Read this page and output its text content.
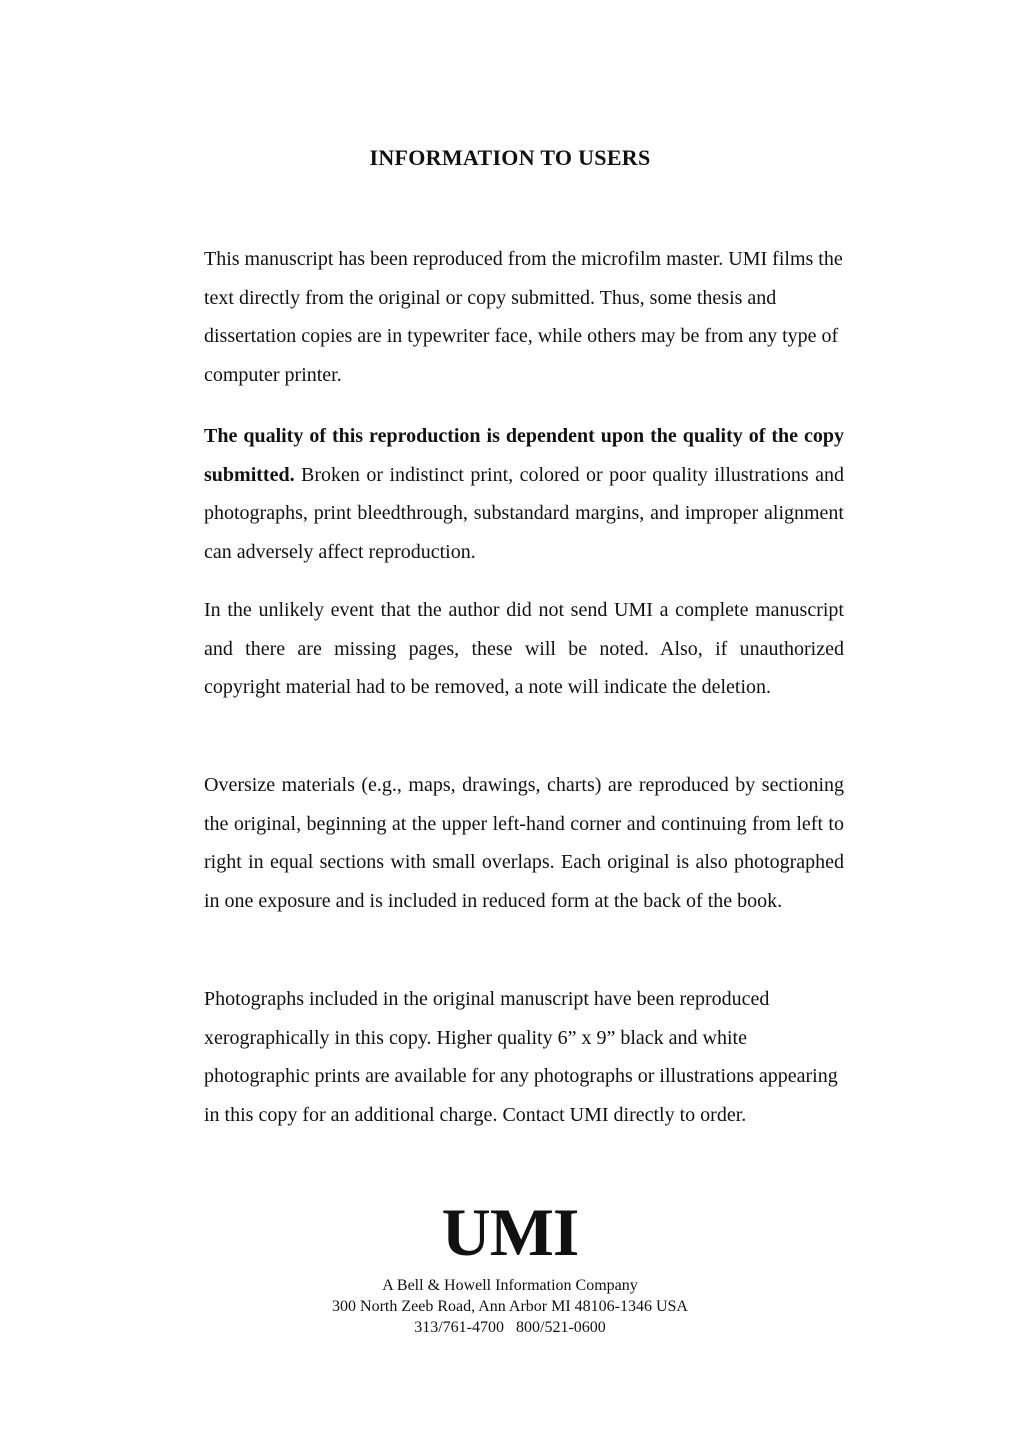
INFORMATION TO USERS
This manuscript has been reproduced from the microfilm master. UMI films the text directly from the original or copy submitted. Thus, some thesis and dissertation copies are in typewriter face, while others may be from any type of computer printer.
The quality of this reproduction is dependent upon the quality of the copy submitted. Broken or indistinct print, colored or poor quality illustrations and photographs, print bleedthrough, substandard margins, and improper alignment can adversely affect reproduction.
In the unlikely event that the author did not send UMI a complete manuscript and there are missing pages, these will be noted. Also, if unauthorized copyright material had to be removed, a note will indicate the deletion.
Oversize materials (e.g., maps, drawings, charts) are reproduced by sectioning the original, beginning at the upper left-hand corner and continuing from left to right in equal sections with small overlaps. Each original is also photographed in one exposure and is included in reduced form at the back of the book.
Photographs included in the original manuscript have been reproduced xerographically in this copy. Higher quality 6” x 9” black and white photographic prints are available for any photographs or illustrations appearing in this copy for an additional charge. Contact UMI directly to order.
UMI
A Bell & Howell Information Company
300 North Zeeb Road, Ann Arbor MI 48106-1346 USA
313/761-4700   800/521-0600
